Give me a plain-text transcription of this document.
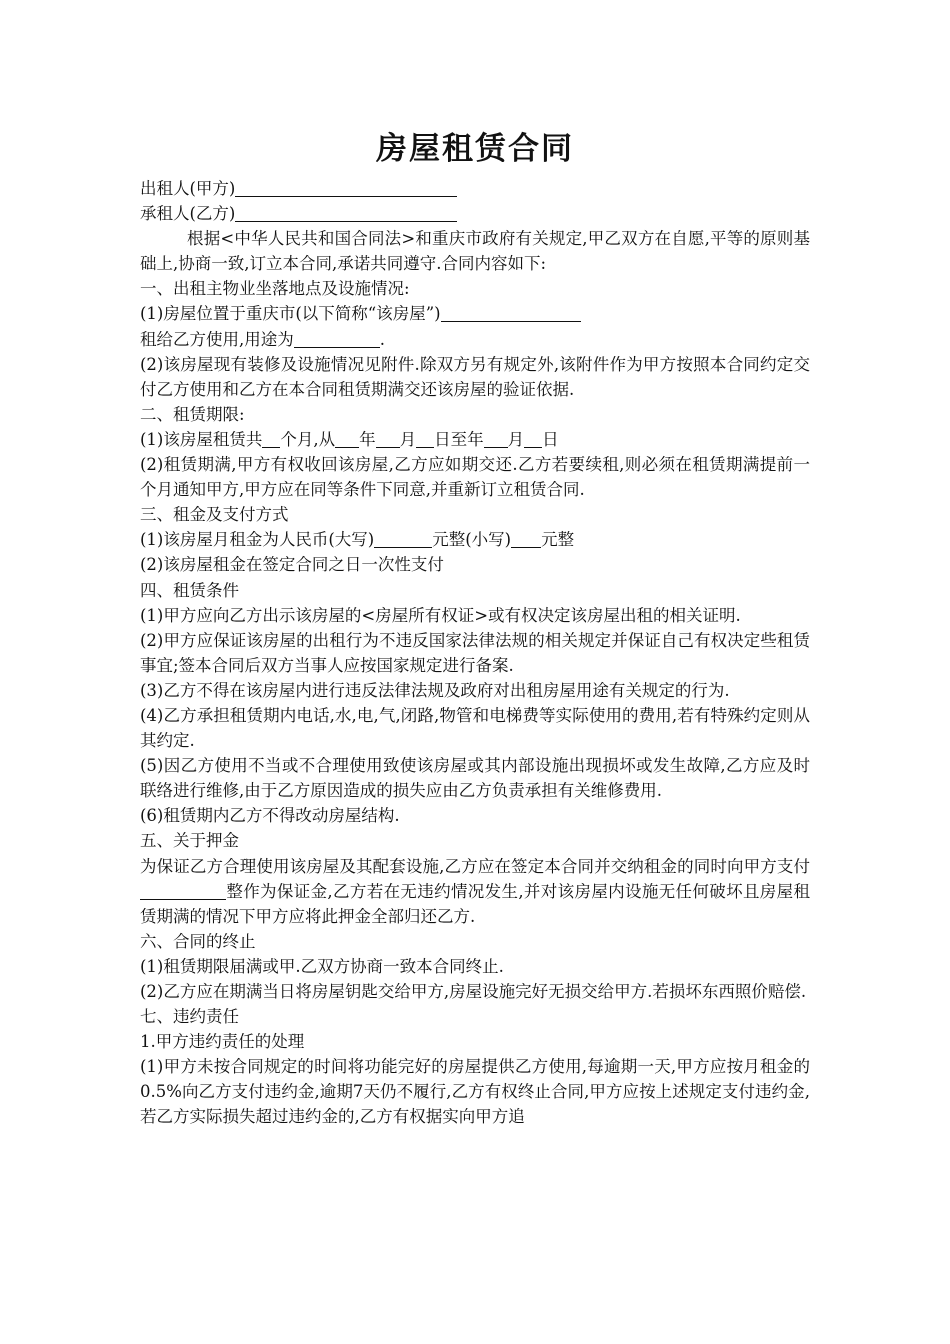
房屋租赁合同
出租人(甲方)
承租人(乙方)
根据<中华人民共和国合同法>和重庆市政府有关规定,甲乙双方在自愿,平等的原则基础上,协商一致,订立本合同,承诺共同遵守.合同内容如下:
一、出租主物业坐落地点及设施情况:
(1)房屋位置于重庆市(以下简称“该房屋”)
租给乙方使用,用途为	.
(2)该房屋现有装修及设施情况见附件.除双方另有规定外,该附件作为甲方按照本合同约定交付乙方使用和乙方在本合同租赁期满交还该房屋的验证依据.
二、租赁期限:
(1)该房屋租赁共 个月,从 年 月 日至年 月 日
(2)租赁期满,甲方有权收回该房屋,乙方应如期交还.乙方若要续租,则必须在租赁期满提前一个月通知甲方,甲方应在同等条件下同意,并重新订立租赁合同.
三、租金及支付方式
(1)该房屋月租金为人民币(大写)	元整(小写) 元整
(2)该房屋租金在签定合同之日一次性支付
四、租赁条件
(1)甲方应向乙方出示该房屋的<房屋所有权证>或有权决定该房屋出租的相关证明.
(2)甲方应保证该房屋的出租行为不违反国家法律法规的相关规定并保证自己有权决定些租赁事宜;签本合同后双方当事人应按国家规定进行备案.
(3)乙方不得在该房屋内进行违反法律法规及政府对出租房屋用途有关规定的行为.
(4)乙方承担租赁期内电话,水,电,气,闭路,物管和电梯费等实际使用的费用,若有特殊约定则从其约定.
(5)因乙方使用不当或不合理使用致使该房屋或其内部设施出现损坏或发生故障,乙方应及时联络进行维修,由于乙方原因造成的损失应由乙方负责承担有关维修费用.
(6)租赁期内乙方不得改动房屋结构.
五、关于押金
为保证乙方合理使用该房屋及其配套设施,乙方应在签定本合同并交纳租金的同时向甲方支付整作为保证金,乙方若在无违约情况发生,并对该房屋内设施无任何破坏且房屋租赁期满的情况下甲方应将此押金全部归还乙方.
六、合同的终止
(1)租赁期限届满或甲.乙双方协商一致本合同终止.
(2)乙方应在期满当日将房屋钥匙交给甲方,房屋设施完好无损交给甲方.若损坏东西照价赔偿.
七、违约责任
1.甲方违约责任的处理
(1)甲方未按合同规定的时间将功能完好的房屋提供乙方使用,每逾期一天,甲方应按月租金的0.5%向乙方支付违约金,逾期7天仍不履行,乙方有权终止合同,甲方应按上述规定支付违约金,若乙方实际损失超过违约金的,乙方有权据实向甲方追
